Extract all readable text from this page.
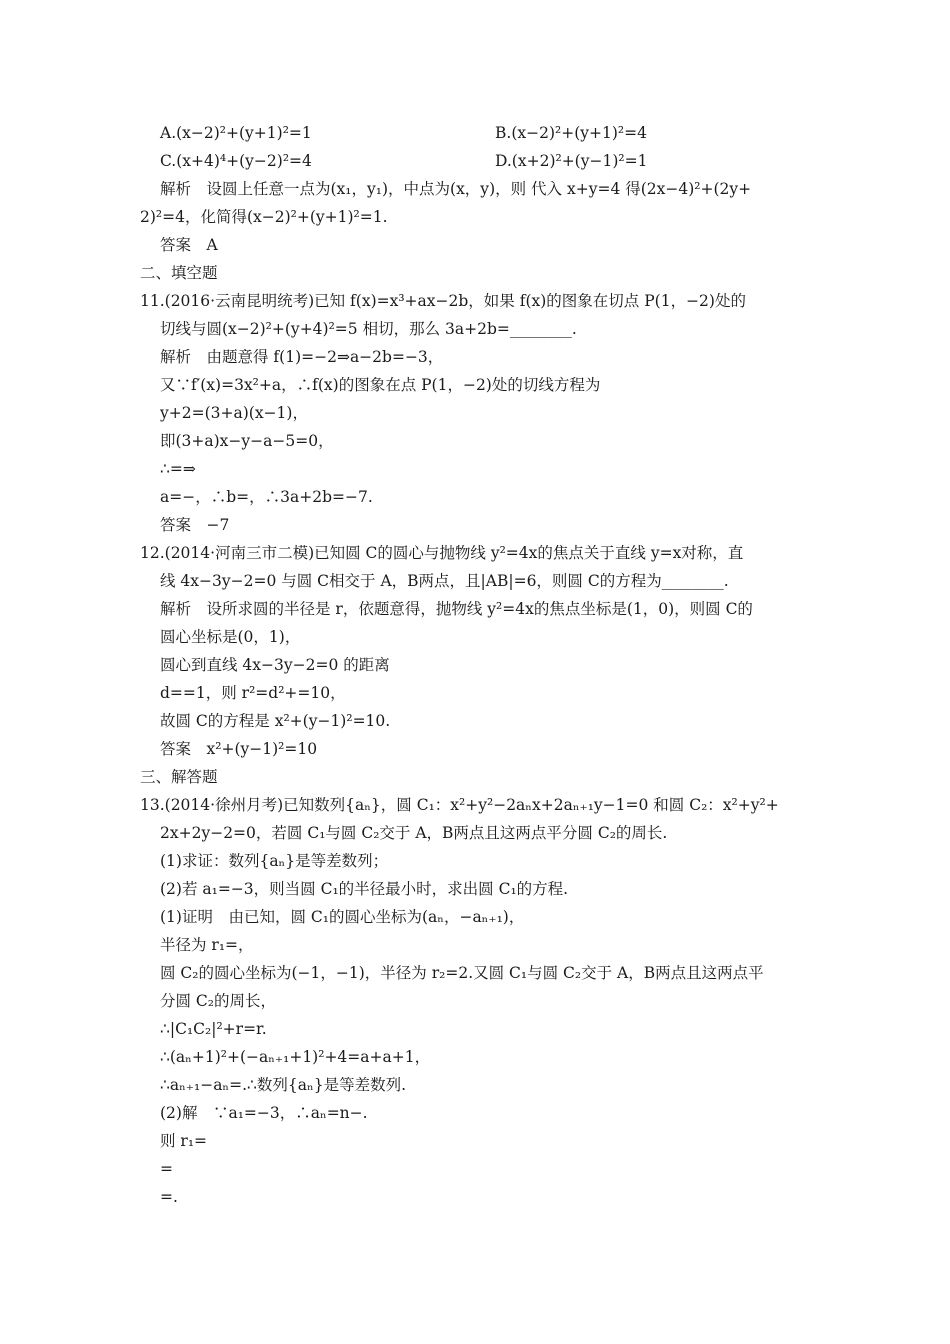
A.(x−2)²+(y+1)²=1	B.(x−2)²+(y+1)²=4
C.(x+4)⁴+(y−2)²=4	D.(x+2)²+(y−1)²=1
解析　设圆上任意一点为(x₁，y₁)，中点为(x，y)，则 代入 x+y=4 得(2x−4)²+(2y+
2)²=4，化简得(x−2)²+(y+1)²=1.
答案　A
二、填空题
11.(2016·云南昆明统考)已知 f(x)=x³+ax−2b，如果 f(x)的图象在切点 P(1，−2)处的
切线与圆(x−2)²+(y+4)²=5 相切，那么 3a+2b=________.
解析　由题意得 f(1)=−2⇒a−2b=−3，
又∵f′(x)=3x²+a，∴f(x)的图象在点 P(1，−2)处的切线方程为
y+2=(3+a)(x−1)，
即(3+a)x−y−a−5=0，
∴=⇒
a=−，∴b=，∴3a+2b=−7.
答案　−7
12.(2014·河南三市二模)已知圆 C的圆心与抛物线 y²=4x的焦点关于直线 y=x对称，直
线 4x−3y−2=0 与圆 C相交于 A，B两点，且|AB|=6，则圆 C的方程为________.
解析　设所求圆的半径是 r，依题意得，抛物线 y²=4x的焦点坐标是(1，0)，则圆 C的
圆心坐标是(0，1)，
圆心到直线 4x−3y−2=0 的距离
d==1，则 r²=d²+=10，
故圆 C的方程是 x²+(y−1)²=10.
答案　x²+(y−1)²=10
三、解答题
13.(2014·徐州月考)已知数列{aₙ}，圆 C₁：x²+y²−2aₙx+2aₙ₊₁y−1=0 和圆 C₂：x²+y²+
2x+2y−2=0，若圆 C₁与圆 C₂交于 A，B两点且这两点平分圆 C₂的周长.
(1)求证：数列{aₙ}是等差数列；
(2)若 a₁=−3，则当圆 C₁的半径最小时，求出圆 C₁的方程.
(1)证明　由已知，圆 C₁的圆心坐标为(aₙ，−aₙ₊₁)，
半径为 r₁=，
圆 C₂的圆心坐标为(−1，−1)，半径为 r₂=2.又圆 C₁与圆 C₂交于 A，B两点且这两点平
分圆 C₂的周长，
∴|C₁C₂|²+r=r.
∴(aₙ+1)²+(−aₙ₊₁+1)²+4=a+a+1，
∴aₙ₊₁−aₙ=.∴数列{aₙ}是等差数列.
(2)解　∵a₁=−3，∴aₙ=n−.
则 r₁=
=
=.
